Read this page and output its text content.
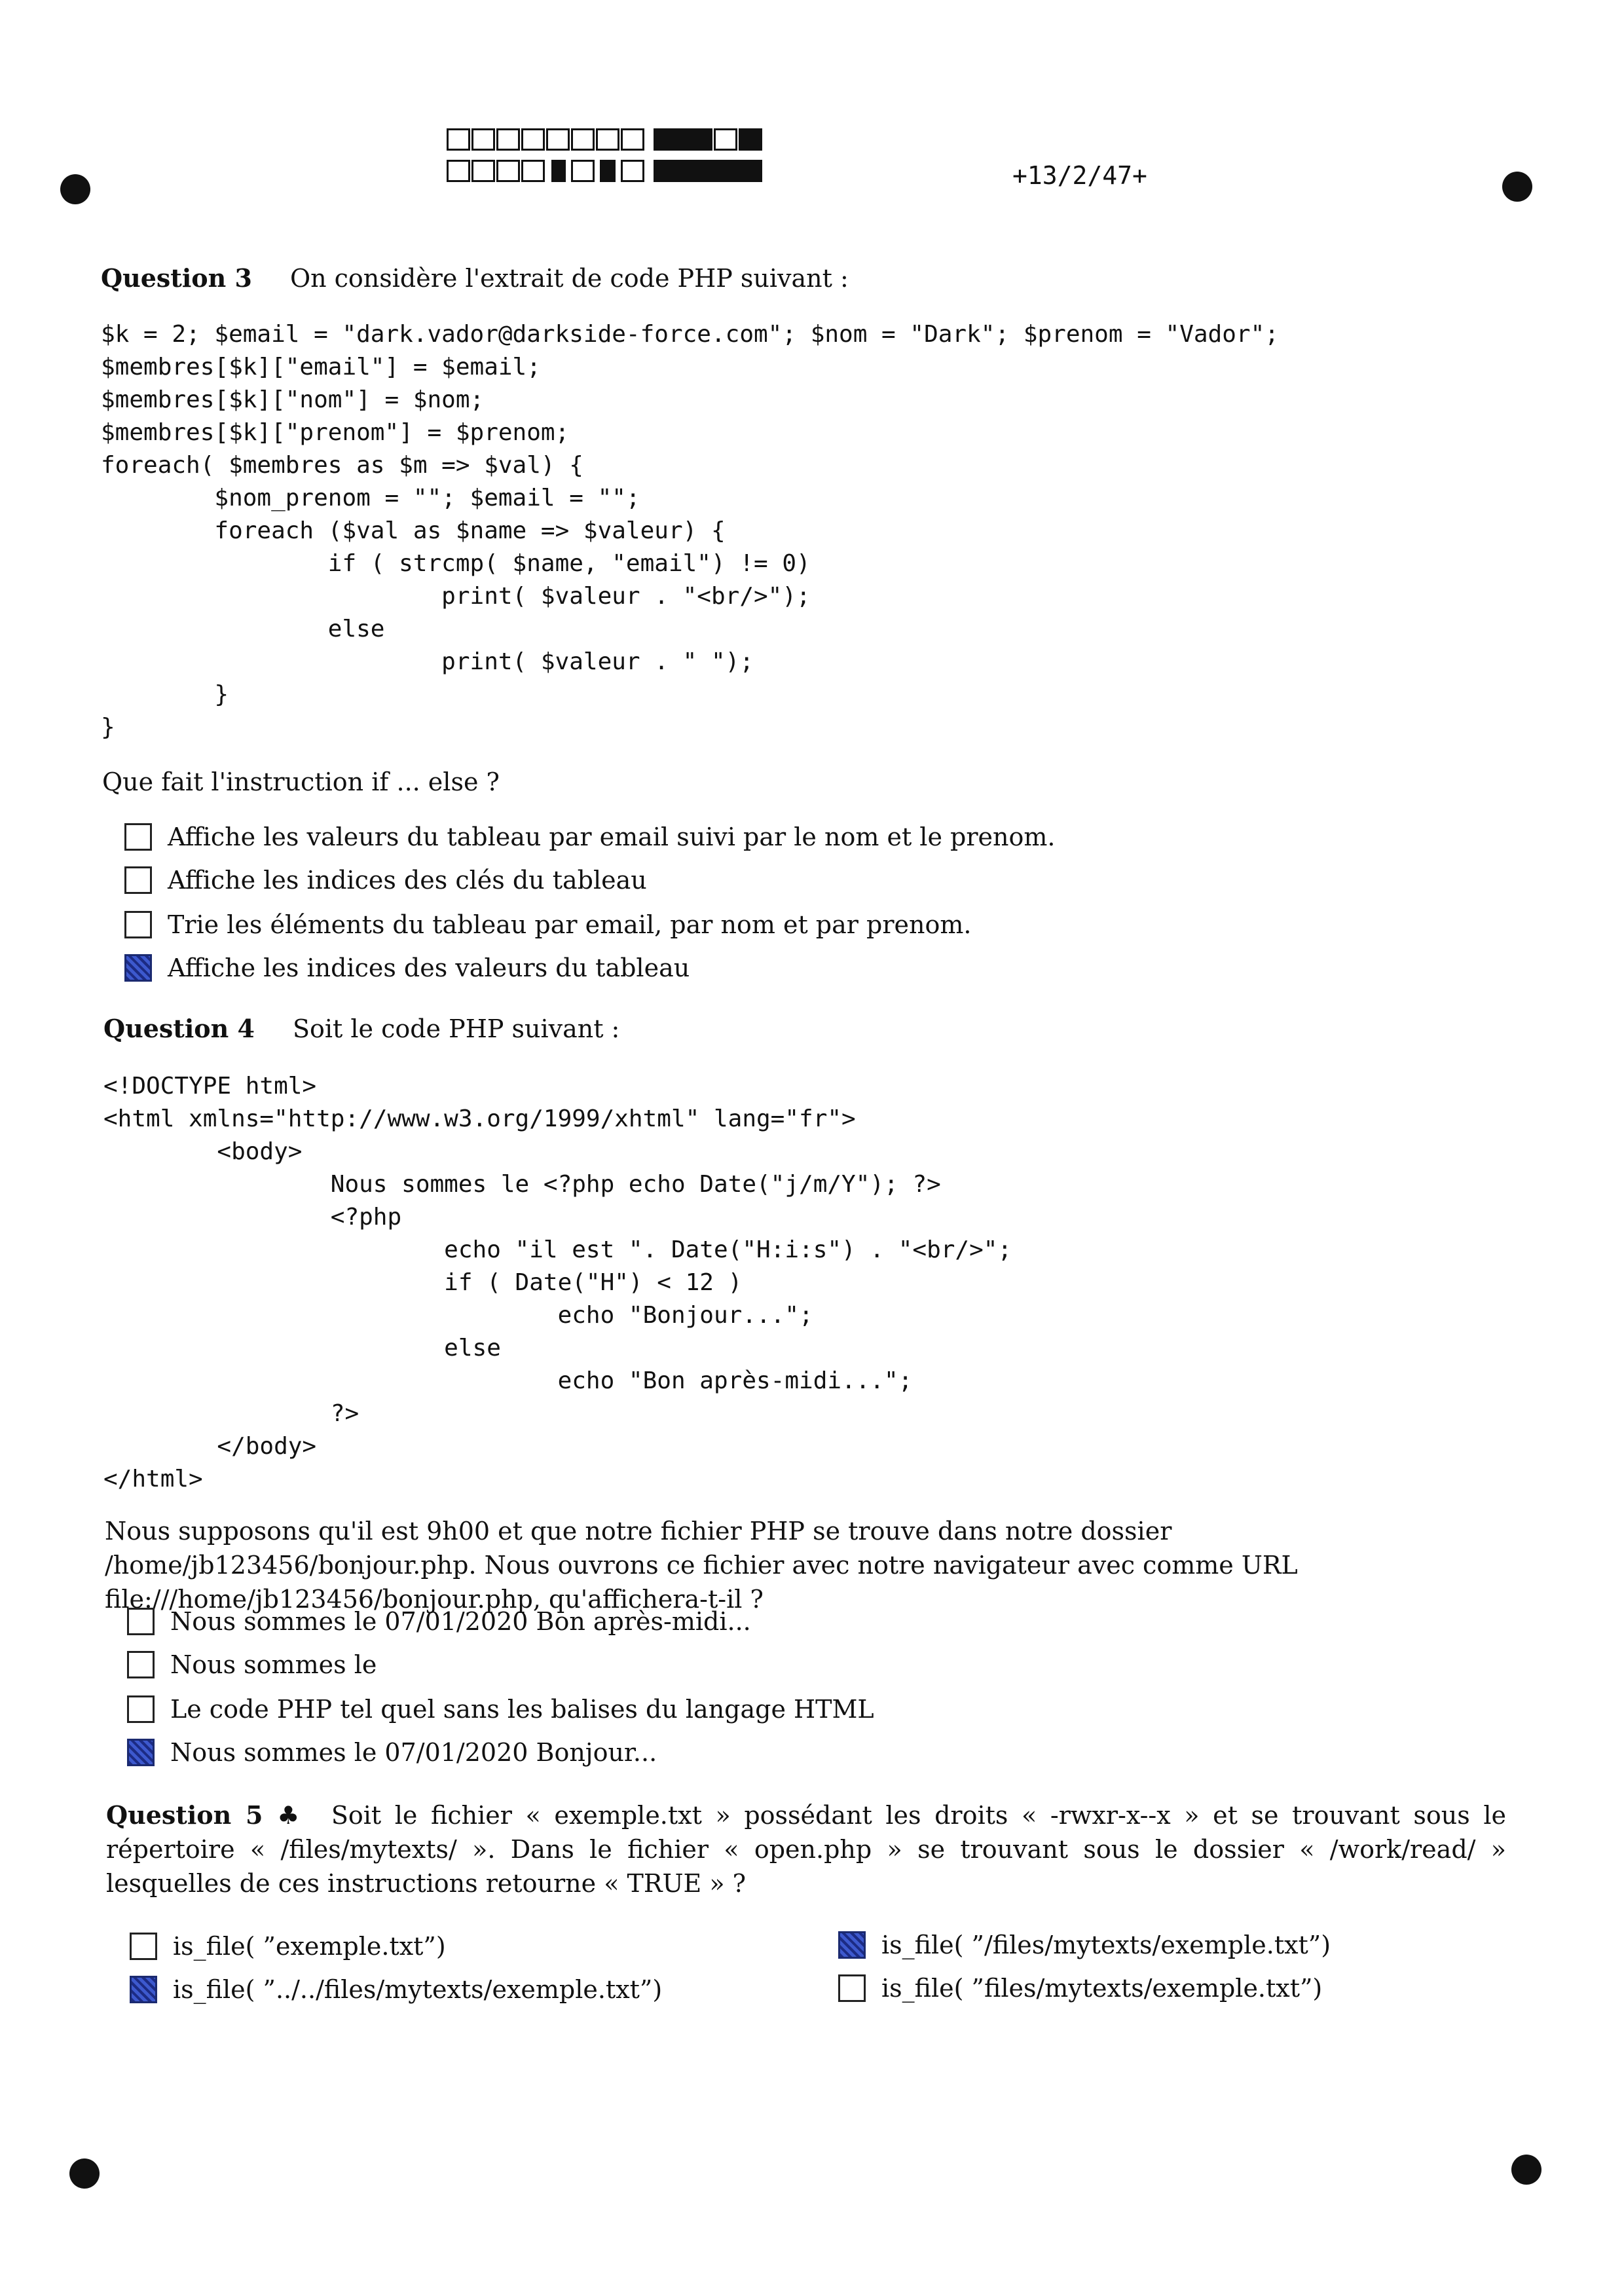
+13/2/47+
Question 3 On considère l'extrait de code PHP suivant :
$k = 2; $email = "dark.vador@darkside-force.com"; $nom = "Dark"; $prenom = "Vador";
$membres[$k]["email"] = $email;
$membres[$k]["nom"] = $nom;
$membres[$k]["prenom"] = $prenom;
foreach( $membres as $m => $val) {
$nom_prenom = ""; $email = "";
foreach ($val as $name => $valeur) {
if ( strcmp( $name, "email") != 0)
print( $valeur . "<br/>");
else
print( $valeur . " ");
}
}
Que fait l'instruction if ... else ?
Affiche les valeurs du tableau par email suivi par le nom et le prenom.
Affiche les indices des clés du tableau
Trie les éléments du tableau par email, par nom et par prenom.
Affiche les indices des valeurs du tableau
Question 4 Soit le code PHP suivant :
<!DOCTYPE html>
<html xmlns="http://www.w3.org/1999/xhtml" lang="fr">
<body>
Nous sommes le <?php echo Date("j/m/Y"); ?>
<?php
echo "il est ". Date("H:i:s") . "<br/>";
if ( Date("H") < 12 )
echo "Bonjour...";
else
echo "Bon après-midi...";
?>
</body>
</html>
Nous supposons qu'il est 9h00 et que notre fichier PHP se trouve dans notre dossier /home/jb123456/bonjour.php. Nous ouvrons ce fichier avec notre navigateur avec comme URL file:///home/jb123456/bonjour.php, qu'affichera-t-il ?
Nous sommes le 07/01/2020 Bon après-midi...
Nous sommes le
Le code PHP tel quel sans les balises du langage HTML
Nous sommes le 07/01/2020 Bonjour...
Question 5 ♣ Soit le fichier « exemple.txt » possédant les droits « -rwxr-x--x » et se trouvant sous le répertoire « /files/mytexts/ ». Dans le fichier « open.php » se trouvant sous le dossier « /work/read/ » lesquelles de ces instructions retourne « TRUE » ?
is_file( ”exemple.txt”)
is_file( ”../../files/mytexts/exemple.txt”)
is_file( ”/files/mytexts/exemple.txt”)
is_file( ”files/mytexts/exemple.txt”)
